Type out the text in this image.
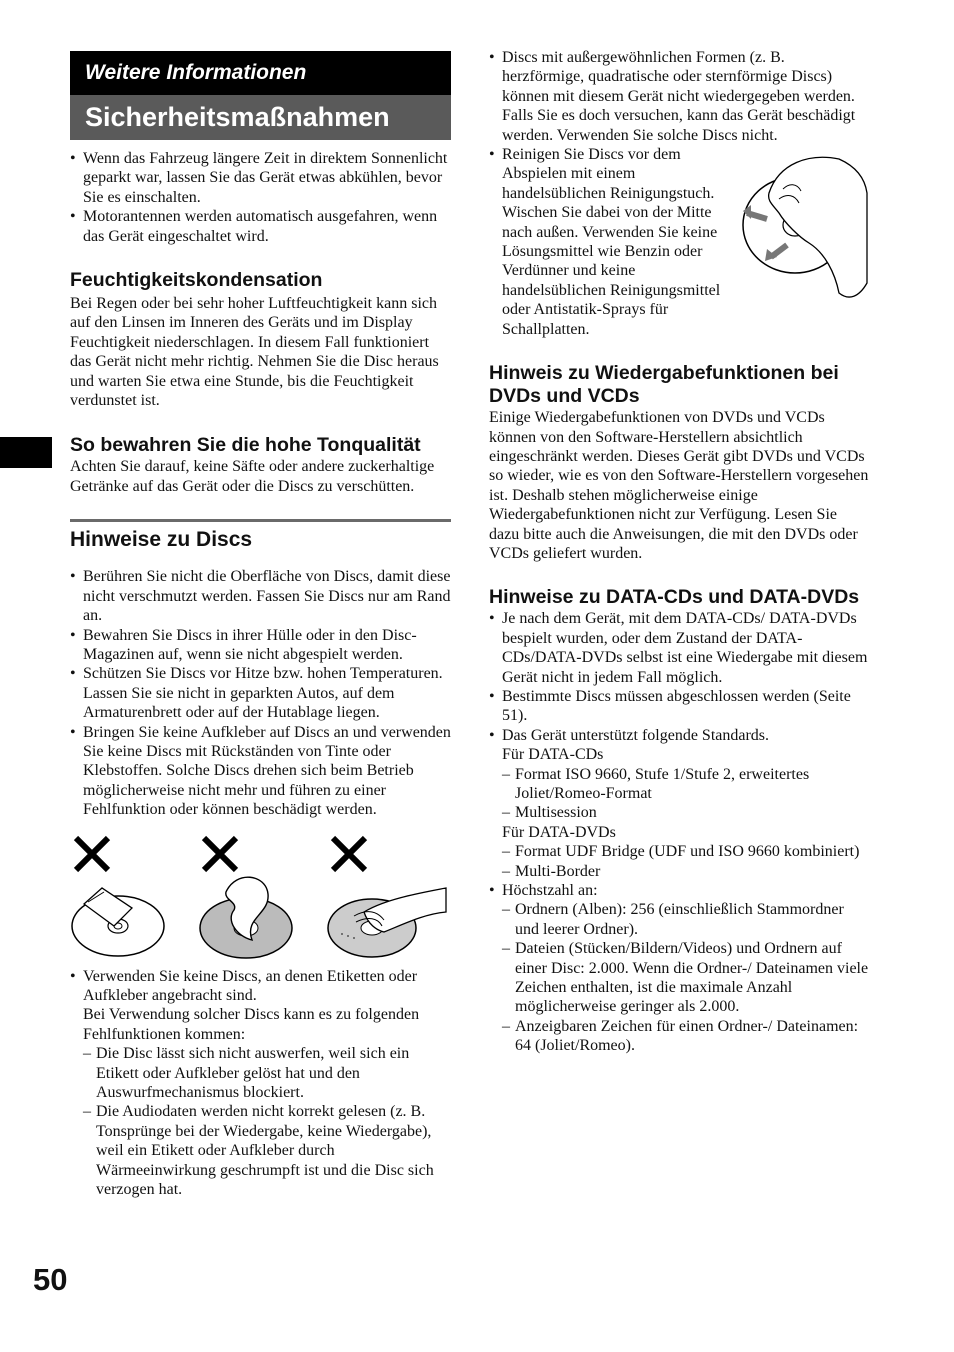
50
Weitere Informationen
Sicherheitsmaßnahmen
• Wenn das Fahrzeug längere Zeit in direktem Sonnenlicht geparkt war, lassen Sie das Gerät etwas abkühlen, bevor Sie es einschalten.
• Motorantennen werden automatisch ausgefahren, wenn das Gerät eingeschaltet wird.
Feuchtigkeitskondensation

Bei Regen oder bei sehr hoher Luftfeuchtigkeit kann sich auf den Linsen im Inneren des Geräts und im Display Feuchtigkeit niederschlagen. In diesem Fall funktioniert das Gerät nicht mehr richtig. Nehmen Sie die Disc heraus und warten Sie etwa eine Stunde, bis die Feuchtigkeit verdunstet ist.

So bewahren Sie die hohe Tonqualität

Achten Sie darauf, keine Säfte oder andere zuckerhaltige Getränke auf das Gerät oder die Discs zu verschütten.

Hinweise zu Discs
• Berühren Sie nicht die Oberfläche von Discs, damit diese nicht verschmutzt werden. Fassen Sie Discs nur am Rand an.
• Bewahren Sie Discs in ihrer Hülle oder in den Disc-Magazinen auf, wenn sie nicht abgespielt werden.
• Schützen Sie Discs vor Hitze bzw. hohen Temperaturen. Lassen Sie sie nicht in geparkten Autos, auf dem Armaturenbrett oder auf der Hutablage liegen.
• Bringen Sie keine Aufkleber auf Discs an und verwenden Sie keine Discs mit Rückständen von Tinte oder Klebstoffen. Solche Discs drehen sich beim Betrieb möglicherweise nicht mehr und führen zu einer Fehlfunktion oder können beschädigt werden.
• Verwenden Sie keine Discs, an denen Etiketten oder Aufkleber angebracht sind.
Bei Verwendung solcher Discs kann es zu folgenden Fehlfunktionen kommen:
– Die Disc lässt sich nicht auswerfen, weil sich ein Etikett oder Aufkleber gelöst hat und den Auswurfmechanismus blockiert.
– Die Audiodaten werden nicht korrekt gelesen (z. B. Tonsprünge bei der Wiedergabe, keine Wiedergabe), weil ein Etikett oder Aufkleber durch Wärmeeinwirkung geschrumpft ist und die Disc sich verzogen hat.
• Discs mit außergewöhnlichen Formen (z. B. herzförmige, quadratische oder sternförmige Discs) können mit diesem Gerät nicht wiedergegeben werden. Falls Sie es doch versuchen, kann das Gerät beschädigt werden. Verwenden Sie solche Discs nicht.
• Reinigen Sie Discs vor dem Abspielen mit einem handelsüblichen Reinigungstuch. Wischen Sie dabei von der Mitte nach außen. Verwenden Sie keine Lösungsmittel wie Benzin oder Verdünner und keine handelsüblichen Reinigungsmittel oder Antistatik-Sprays für Schallplatten.
Hinweis zu Wiedergabefunktionen bei DVDs und VCDs

Einige Wiedergabefunktionen von DVDs und VCDs können von den Software-Herstellern absichtlich eingeschränkt werden. Dieses Gerät gibt DVDs und VCDs so wieder, wie es von den Software-Herstellern vorgesehen ist. Deshalb stehen möglicherweise einige Wiedergabefunktionen nicht zur Verfügung. Lesen Sie dazu bitte auch die Anweisungen, die mit den DVDs oder VCDs geliefert wurden.

Hinweise zu DATA-CDs und DATA-DVDs
• Je nach dem Gerät, mit dem DATA-CDs/ DATA-DVDs bespielt wurden, oder dem Zustand der DATA-CDs/DATA-DVDs selbst ist eine Wiedergabe mit diesem Gerät nicht in jedem Fall möglich.
• Bestimmte Discs müssen abgeschlossen werden (Seite 51).
• Das Gerät unterstützt folgende Standards.
Für DATA-CDs
– Format ISO 9660, Stufe 1/Stufe 2, erweitertes Joliet/Romeo-Format
– Multisession
Für DATA-DVDs
– Format UDF Bridge (UDF und ISO 9660 kombiniert)
– Multi-Border
• Höchstzahl an:
– Ordnern (Alben): 256 (einschließlich Stammordner und leerer Ordner).
– Dateien (Stücken/Bildern/Videos) und Ordnern auf einer Disc: 2.000. Wenn die Ordner-/ Dateinamen viele Zeichen enthalten, ist die maximale Anzahl möglicherweise geringer als 2.000.
– Anzeigbaren Zeichen für einen Ordner-/ Dateinamen: 64 (Joliet/Romeo).
